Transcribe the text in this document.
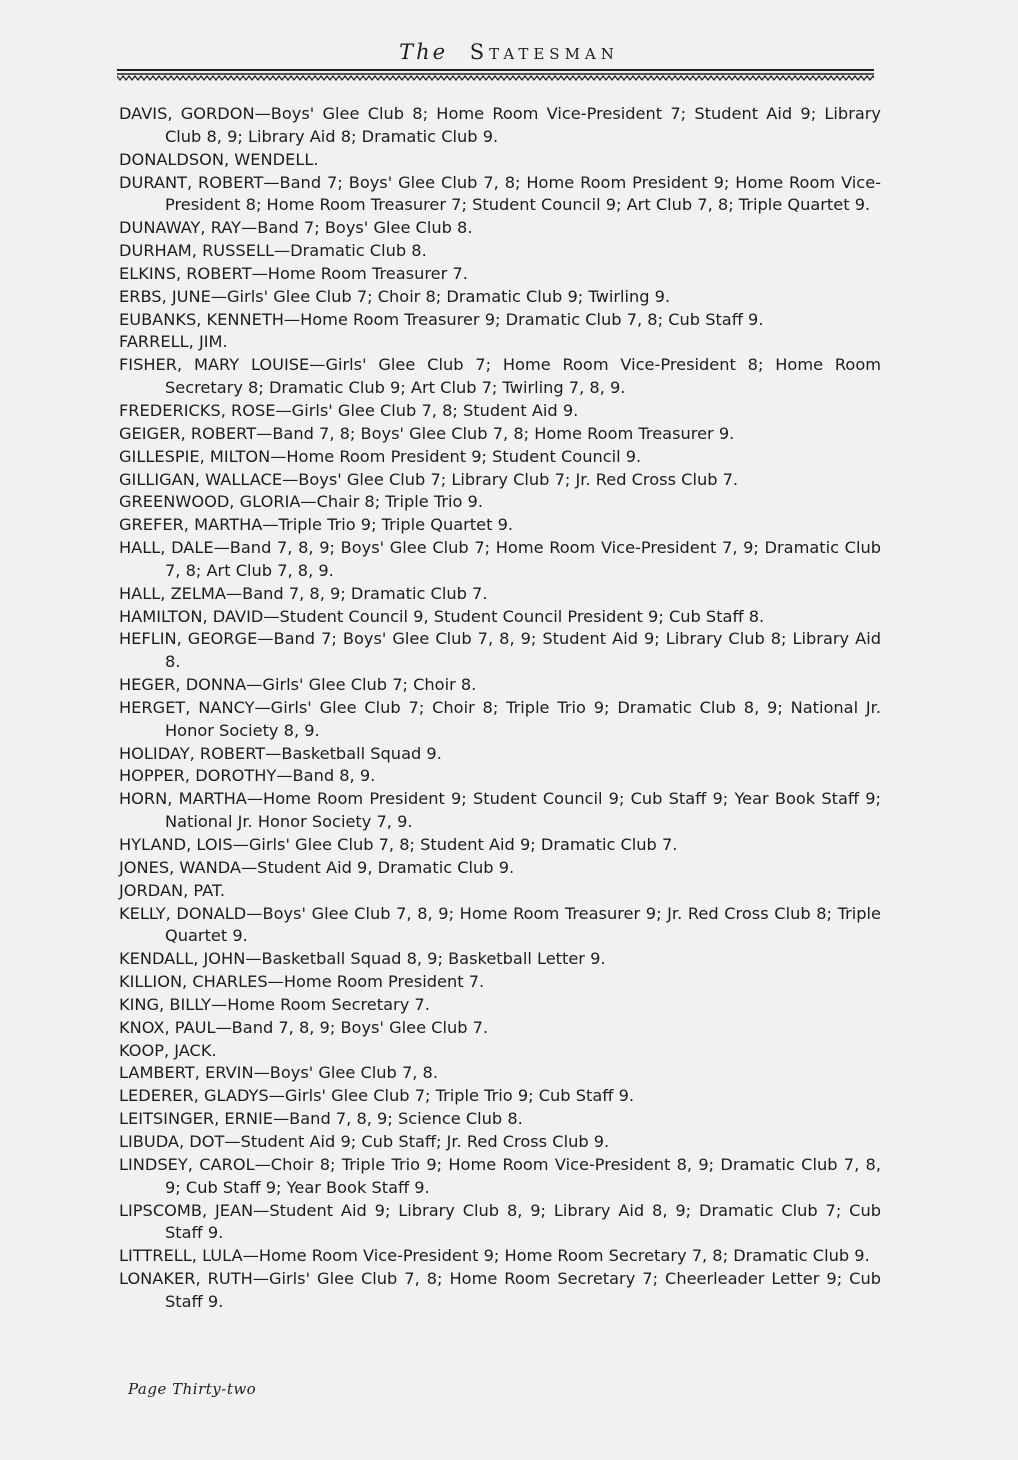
The Statesman
DAVIS, GORDON—Boys' Glee Club 8; Home Room Vice-President 7; Student Aid 9; Library Club 8, 9; Library Aid 8; Dramatic Club 9.
DONALDSON, WENDELL.
DURANT, ROBERT—Band 7; Boys' Glee Club 7, 8; Home Room President 9; Home Room Vice-President 8; Home Room Treasurer 7; Student Council 9; Art Club 7, 8; Triple Quartet 9.
DUNAWAY, RAY—Band 7; Boys' Glee Club 8.
DURHAM, RUSSELL—Dramatic Club 8.
ELKINS, ROBERT—Home Room Treasurer 7.
ERBS, JUNE—Girls' Glee Club 7; Choir 8; Dramatic Club 9; Twirling 9.
EUBANKS, KENNETH—Home Room Treasurer 9; Dramatic Club 7, 8; Cub Staff 9.
FARRELL, JIM.
FISHER, MARY LOUISE—Girls' Glee Club 7; Home Room Vice-President 8; Home Room Secretary 8; Dramatic Club 9; Art Club 7; Twirling 7, 8, 9.
FREDERICKS, ROSE—Girls' Glee Club 7, 8; Student Aid 9.
GEIGER, ROBERT—Band 7, 8; Boys' Glee Club 7, 8; Home Room Treasurer 9.
GILLESPIE, MILTON—Home Room President 9; Student Council 9.
GILLIGAN, WALLACE—Boys' Glee Club 7; Library Club 7; Jr. Red Cross Club 7.
GREENWOOD, GLORIA—Chair 8; Triple Trio 9.
GREFER, MARTHA—Triple Trio 9; Triple Quartet 9.
HALL, DALE—Band 7, 8, 9; Boys' Glee Club 7; Home Room Vice-President 7, 9; Dramatic Club 7, 8; Art Club 7, 8, 9.
HALL, ZELMA—Band 7, 8, 9; Dramatic Club 7.
HAMILTON, DAVID—Student Council 9, Student Council President 9; Cub Staff 8.
HEFLIN, GEORGE—Band 7; Boys' Glee Club 7, 8, 9; Student Aid 9; Library Club 8; Library Aid 8.
HEGER, DONNA—Girls' Glee Club 7; Choir 8.
HERGET, NANCY—Girls' Glee Club 7; Choir 8; Triple Trio 9; Dramatic Club 8, 9; National Jr. Honor Society 8, 9.
HOLIDAY, ROBERT—Basketball Squad 9.
HOPPER, DOROTHY—Band 8, 9.
HORN, MARTHA—Home Room President 9; Student Council 9; Cub Staff 9; Year Book Staff 9; National Jr. Honor Society 7, 9.
HYLAND, LOIS—Girls' Glee Club 7, 8; Student Aid 9; Dramatic Club 7.
JONES, WANDA—Student Aid 9, Dramatic Club 9.
JORDAN, PAT.
KELLY, DONALD—Boys' Glee Club 7, 8, 9; Home Room Treasurer 9; Jr. Red Cross Club 8; Triple Quartet 9.
KENDALL, JOHN—Basketball Squad 8, 9; Basketball Letter 9.
KILLION, CHARLES—Home Room President 7.
KING, BILLY—Home Room Secretary 7.
KNOX, PAUL—Band 7, 8, 9; Boys' Glee Club 7.
KOOP, JACK.
LAMBERT, ERVIN—Boys' Glee Club 7, 8.
LEDERER, GLADYS—Girls' Glee Club 7; Triple Trio 9; Cub Staff 9.
LEITSINGER, ERNIE—Band 7, 8, 9; Science Club 8.
LIBUDA, DOT—Student Aid 9; Cub Staff; Jr. Red Cross Club 9.
LINDSEY, CAROL—Choir 8; Triple Trio 9; Home Room Vice-President 8, 9; Dramatic Club 7, 8, 9; Cub Staff 9; Year Book Staff 9.
LIPSCOMB, JEAN—Student Aid 9; Library Club 8, 9; Library Aid 8, 9; Dramatic Club 7; Cub Staff 9.
LITTRELL, LULA—Home Room Vice-President 9; Home Room Secretary 7, 8; Dramatic Club 9.
LONAKER, RUTH—Girls' Glee Club 7, 8; Home Room Secretary 7; Cheerleader Letter 9; Cub Staff 9.
Page Thirty-two
